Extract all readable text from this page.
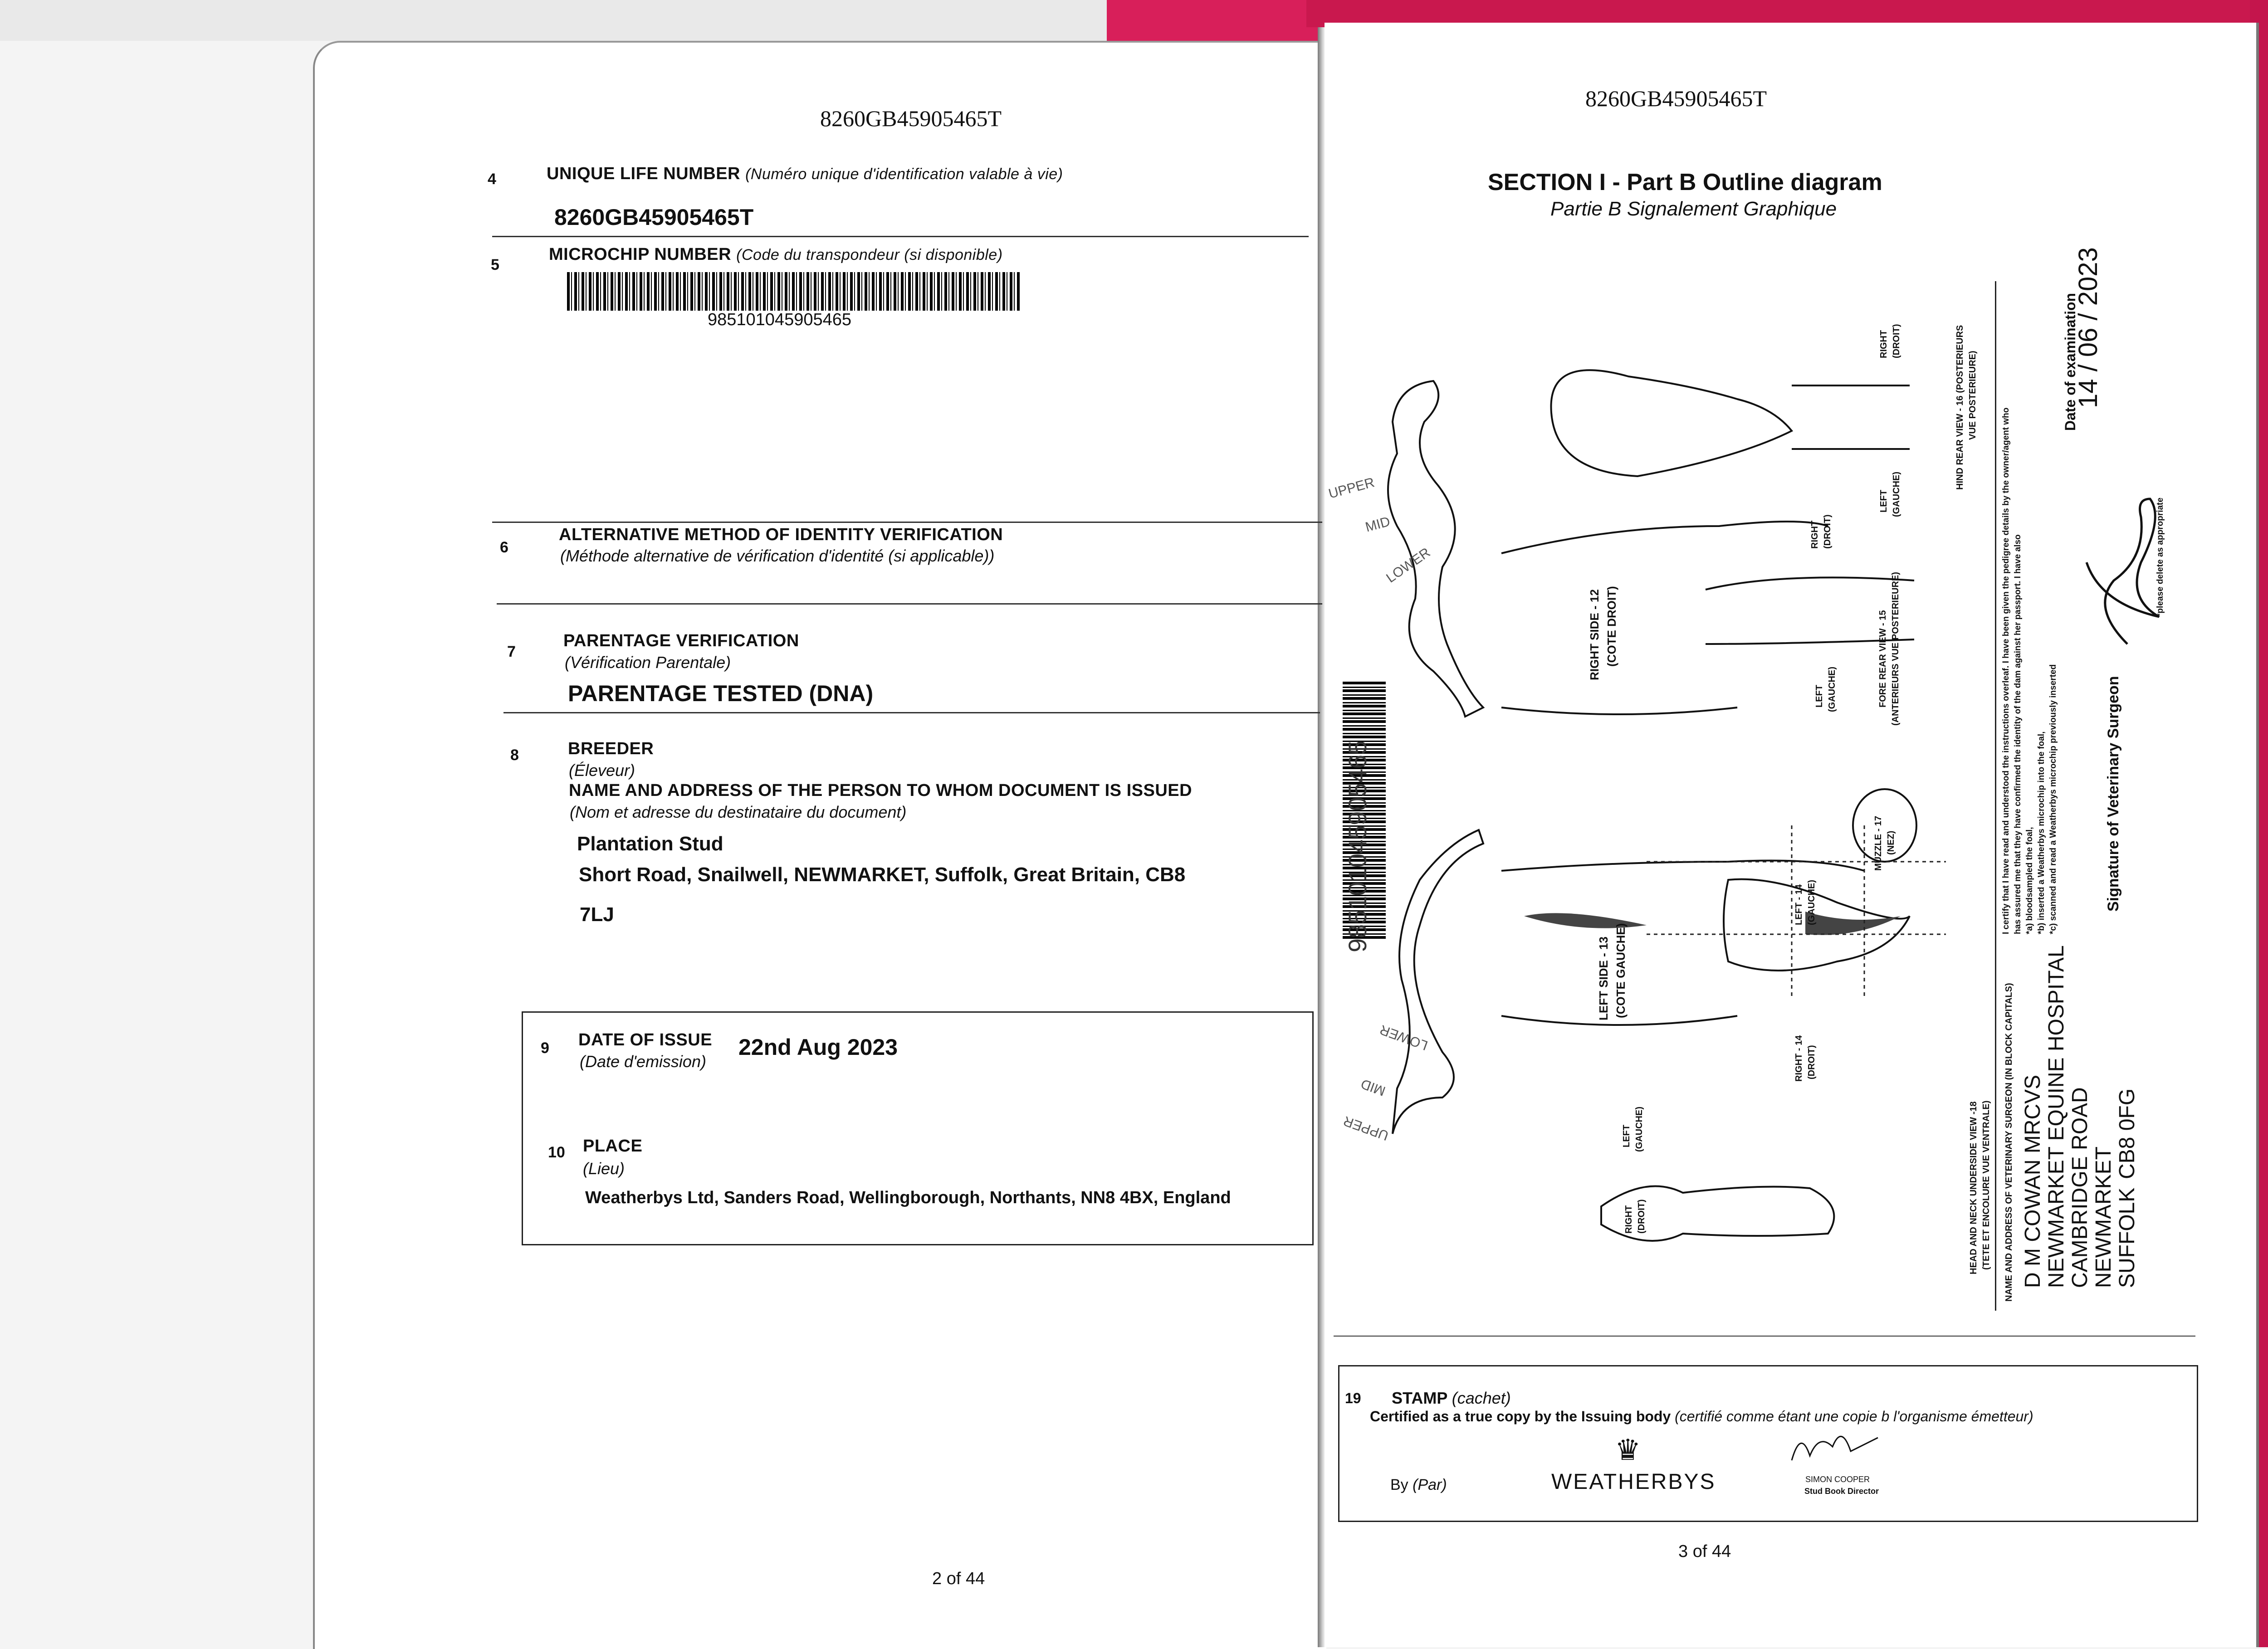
8260GB45905465T
4	UNIQUE LIFE NUMBER (Numéro unique d'identification valable à vie)
8260GB45905465T
5
MICROCHIP NUMBER (Code du transpondeur (si disponible)
985101045905465
6
ALTERNATIVE METHOD OF IDENTITY VERIFICATION
(Méthode alternative de vérification d'identité (si applicable))
7
PARENTAGE VERIFICATION
(Vérification Parentale)
PARENTAGE TESTED (DNA)
8	BREEDER
(Éleveur)
NAME AND ADDRESS OF THE PERSON TO WHOM DOCUMENT IS ISSUED
(Nom et adresse du destinataire du document)
Plantation Stud
Short Road, Snailwell, NEWMARKET, Suffolk, Great Britain, CB8
7LJ
9 DATE OF ISSUE
(Date d'emission)
22nd Aug 2023
10 PLACE
(Lieu)
Weatherbys Ltd, Sanders Road, Wellingborough, Northants, NN8 4BX, England
2 of 44
8260GB45905465T
SECTION I - Part B Outline diagram
Partie B Signalement Graphique
985101045905465
UPPER
MID
LOWER
LOWER
MID
UPPER
RIGHT SIDE - 12 (COTE DROIT)
LEFT SIDE - 13 (COTE GAUCHE)
RIGHT (DROIT)
LEFT (GAUCHE)
HIND REAR VIEW - 16 (POSTERIEURS VUE POSTERIEURE)
RIGHT (DROIT)
LEFT (GAUCHE)	FORE REAR VIEW - 15 (ANTERIEURS VUE POSTERIEURE)
MUZZLE - 17 (NEZ)
LEFT - 14 (GAUCHE)
RIGHT - 14 (DROIT)
LEFT (GAUCHE)
RIGHT (DROIT)	HEAD AND NECK UNDERSIDE VIEW -18 (TETE ET ENCOLURE VUE VENTRALE)
I certify that I have read and understood the instructions overleaf. I have been given the pedigree details by the owner/agent who has assured me that they have confirmed the identity of the dam against her passport. I have also *a) bloodsampled the foal, *b) inserted a Weatherbys microchip into the foal, *c) scanned and read a Weatherbys microchip previously inserted
*please delete as appropriate
Date of examination
14 / 06 / 2023
Signature of Veterinary Surgeon
NAME AND ADDRESS OF VETERINARY SURGEON (IN BLOCK CAPITALS) D M COWAN MRCVS NEWMARKET EQUINE HOSPITAL CAMBRIDGE ROAD NEWMARKET SUFFOLK
CB8 0FG
19 STAMP (cachet)
Certified as a true copy by the Issuing body (certifié comme étant une copie b l'organisme émetteur)
By (Par)
♛
WEATHERBYS	SIMON COOPER
Stud Book Director
3 of 44
